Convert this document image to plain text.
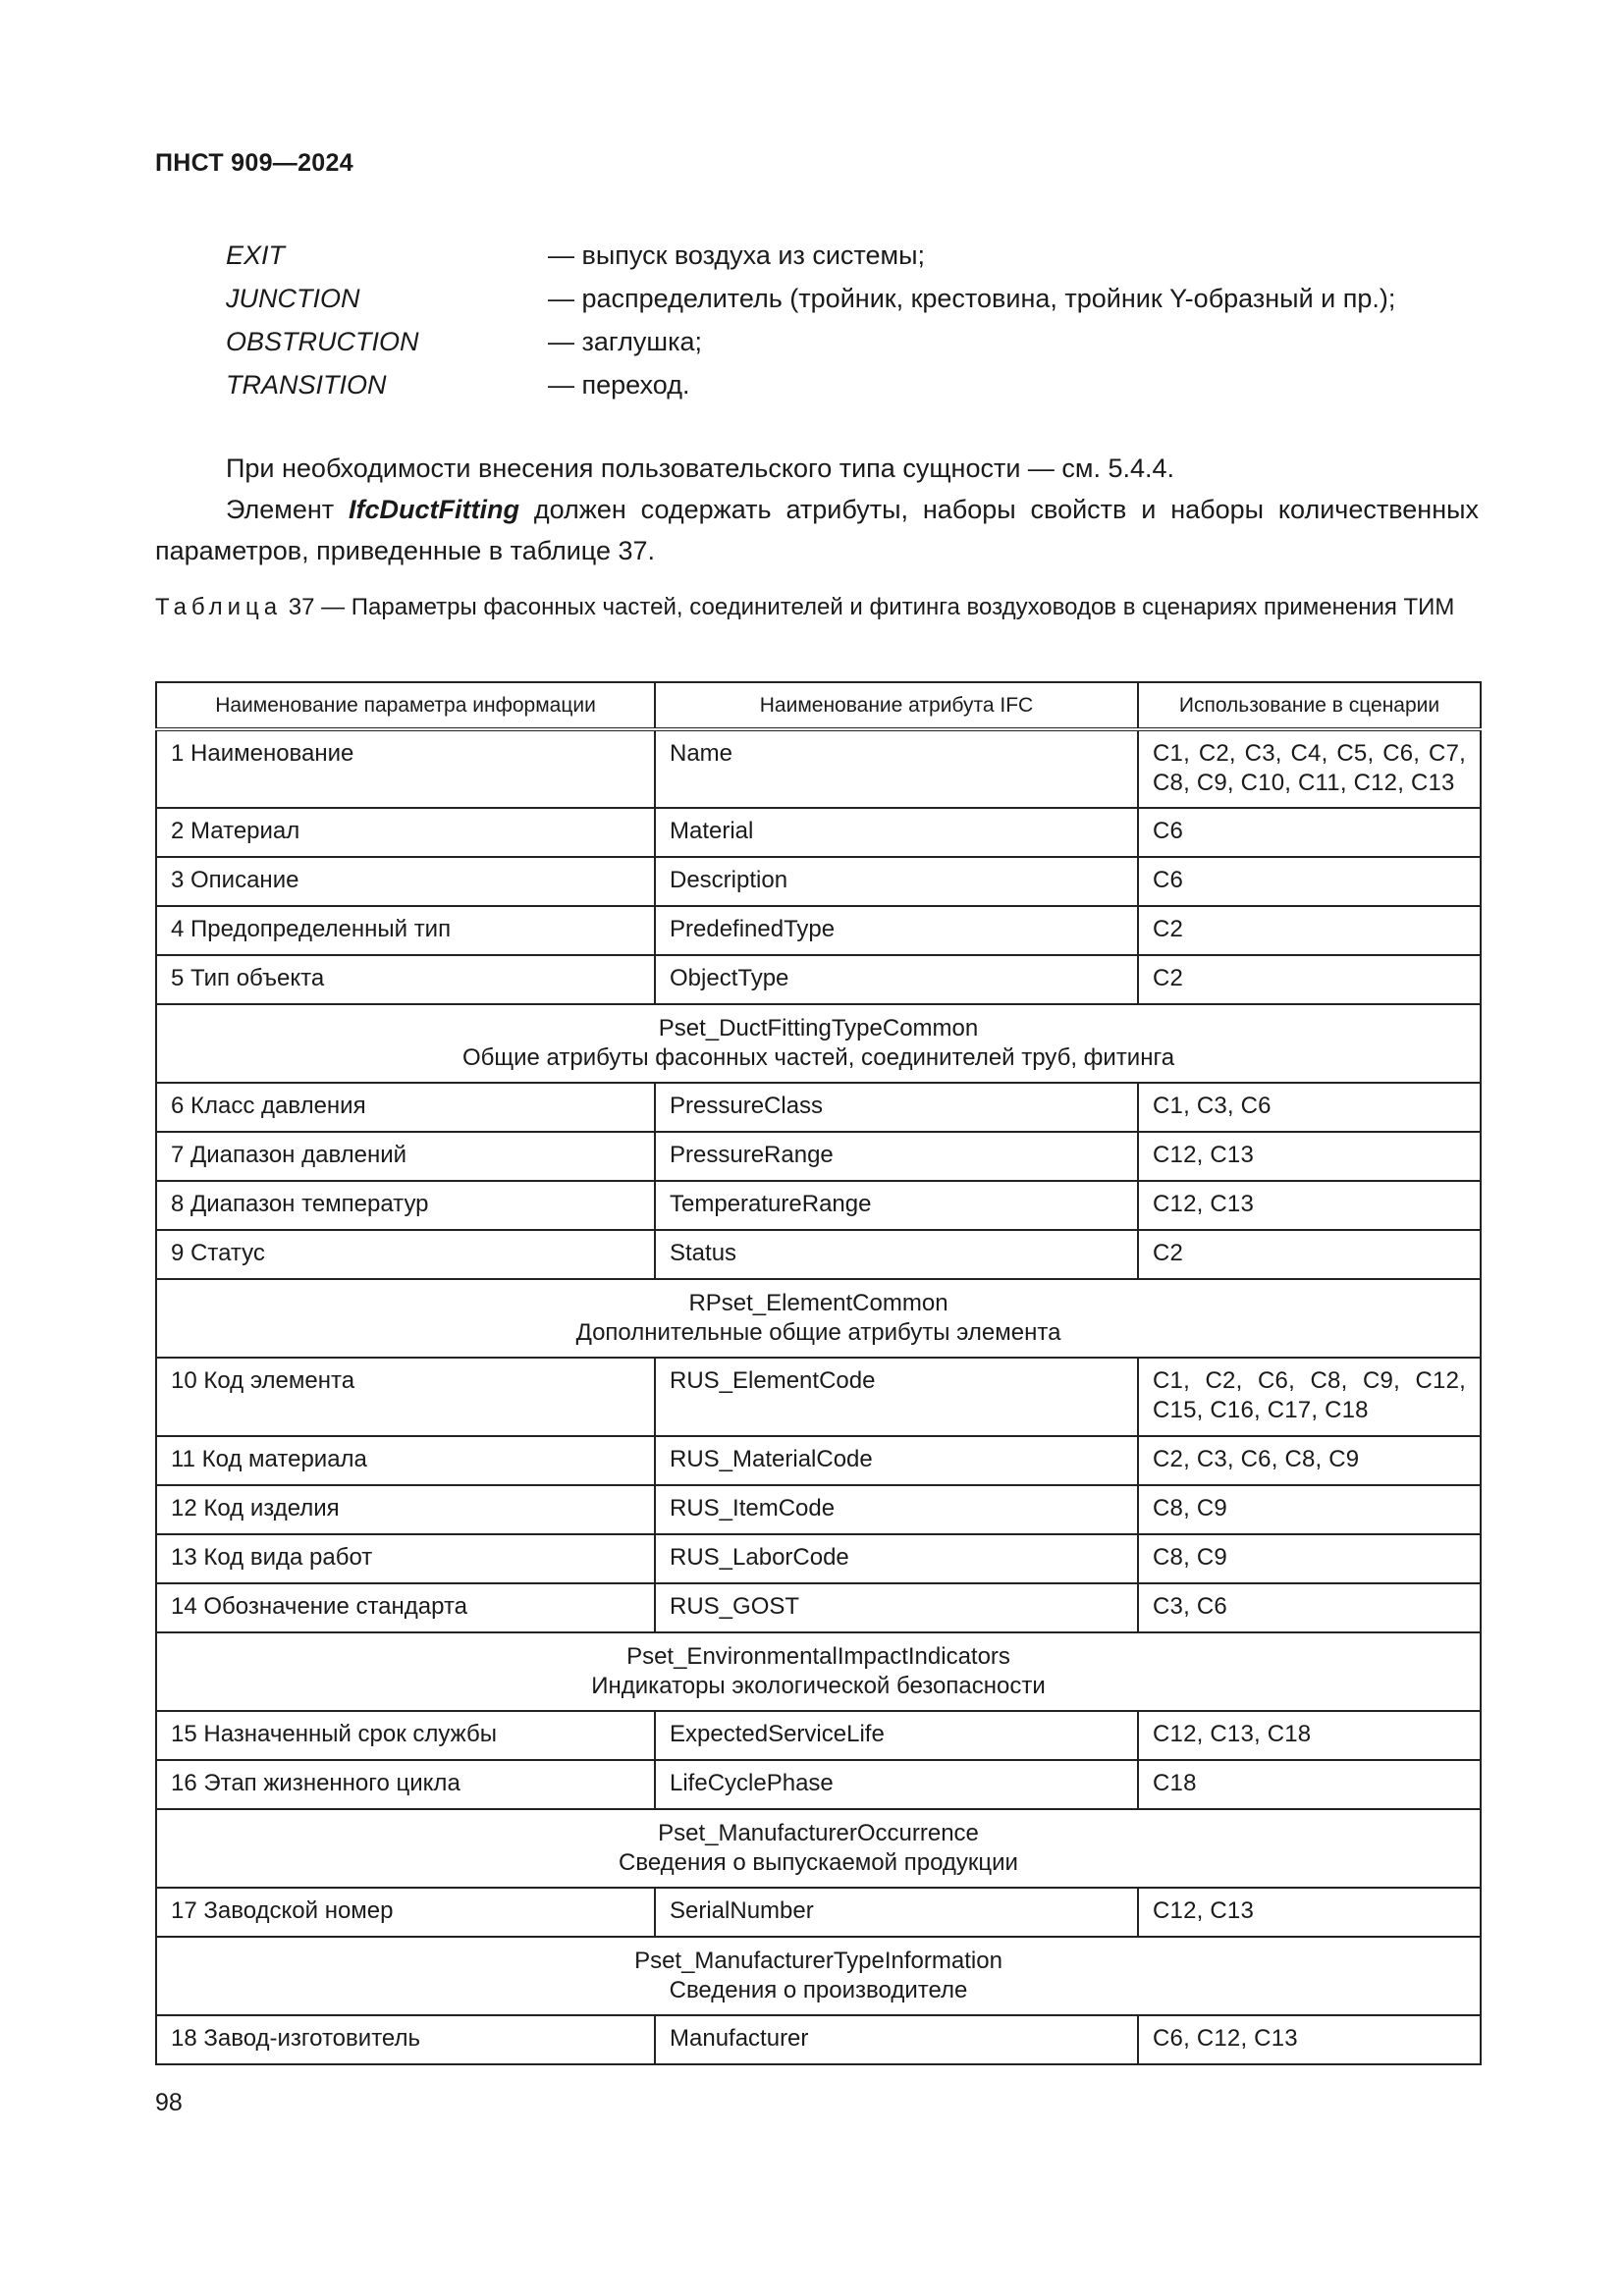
ПНСТ 909—2024
EXIT	— выпуск воздуха из системы;
JUNCTION	— распределитель (тройник, крестовина, тройник Y-образный и пр.);
OBSTRUCTION	— заглушка;
TRANSITION	— переход.
При необходимости внесения пользовательского типа сущности — см. 5.4.4.
Элемент IfcDuctFitting должен содержать атрибуты, наборы свойств и наборы количественных параметров, приведенные в таблице 37.
Таблица 37 — Параметры фасонных частей, соединителей и фитинга воздуховодов в сценариях применения ТИМ
Наименование параметра информации	Наименование атрибута IFC	Использование в сценарии
1 Наименование	Name	С1, С2, С3, С4, С5, С6, С7, С8, С9, С10, С11, С12, С13
2 Материал	Material	С6
3 Описание	Description	С6
4 Предопределенный тип	PredefinedType	С2
5 Тип объекта	ObjectType	С2

Pset_DuctFittingTypeCommon
Общие атрибуты фасонных частей, соединителей труб, фитинга		

6 Класс давления	PressureClass	С1, С3, С6
7 Диапазон давлений	PressureRange	С12, С13
8 Диапазон температур	TemperatureRange	С12, С13
9 Статус	Status	С2

RPset_ElementCommon
Дополнительные общие атрибуты элемента		

10 Код элемента	RUS_ElementCode	С1, С2, С6, С8, С9, С12, С15, С16, С17, С18
11 Код материала	RUS_MaterialCode	С2, С3, С6, С8, С9
12 Код изделия	RUS_ItemCode	С8, С9
13 Код вида работ	RUS_LaborCode	С8, С9
14 Обозначение стандарта	RUS_GOST	С3, С6

Pset_EnvironmentalImpactIndicators
Индикаторы экологической безопасности		

15 Назначенный срок службы	ExpectedServiceLife	С12, С13, С18
16 Этап жизненного цикла	LifeCyclePhase	С18

Pset_ManufacturerOccurrence
Сведения о выпускаемой продукции		

17 Заводской номер	SerialNumber	С12, С13

Pset_ManufacturerTypeInformation
Сведения о производителе		

18 Завод-изготовитель	Manufacturer	С6, С12, С13
98
